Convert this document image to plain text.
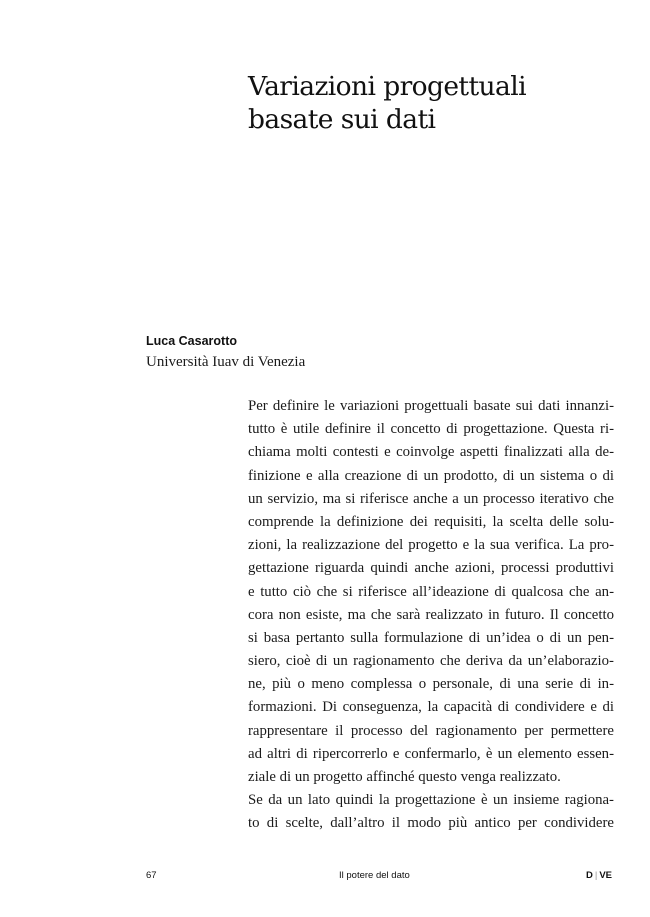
Variazioni progettuali
basate sui dati
Luca Casarotto
Università Iuav di Venezia
Per definire le variazioni progettuali basate sui dati innanzi-
tutto è utile definire il concetto di progettazione. Questa ri-
chiama molti contesti e coinvolge aspetti finalizzati alla de-
finizione e alla creazione di un prodotto, di un sistema o di
un servizio, ma si riferisce anche a un processo iterativo che
comprende la definizione dei requisiti, la scelta delle solu-
zioni, la realizzazione del progetto e la sua verifica. La pro-
gettazione riguarda quindi anche azioni, processi produttivi
e tutto ciò che si riferisce all’ideazione di qualcosa che an-
cora non esiste, ma che sarà realizzato in futuro. Il concetto
si basa pertanto sulla formulazione di un’idea o di un pen-
siero, cioè di un ragionamento che deriva da un’elaborazio-
ne, più o meno complessa o personale, di una serie di in-
formazioni. Di conseguenza, la capacità di condividere e di
rappresentare il processo del ragionamento per permettere
ad altri di ripercorrerlo e confermarlo, è un elemento essen-
ziale di un progetto affinché questo venga realizzato.
Se da un lato quindi la progettazione è un insieme ragiona-
to di scelte, dall’altro il modo più antico per condividere
67	Il potere del dato	D | VE
